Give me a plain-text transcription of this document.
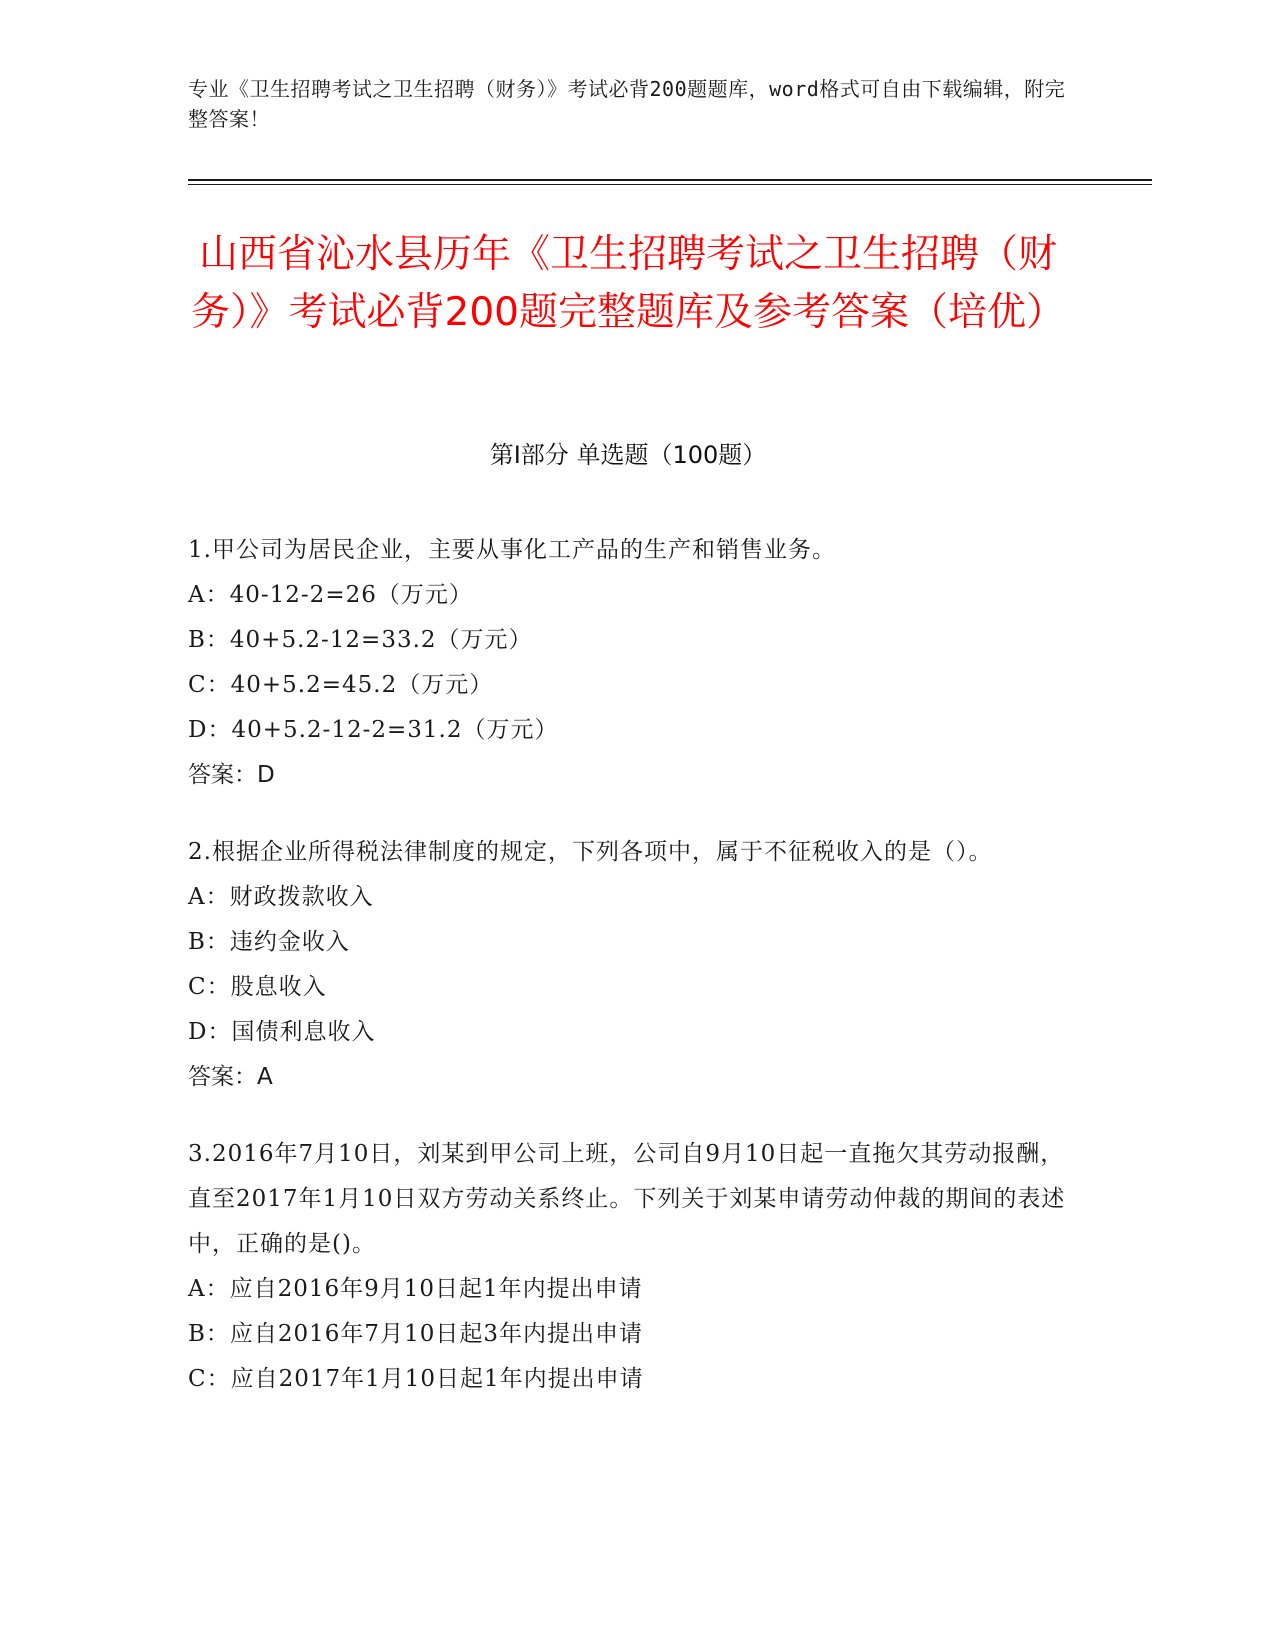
专业《卫生招聘考试之卫生招聘（财务）》考试必背200题题库，word格式可自由下载编辑，附完整答案！
山西省沁水县历年《卫生招聘考试之卫生招聘（财务）》考试必背200题完整题库及参考答案（培优）
第Ⅰ部分 单选题（100题）
1.甲公司为居民企业，主要从事化工产品的生产和销售业务。
A：40-12-2=26（万元）
B：40+5.2-12=33.2（万元）
C：40+5.2=45.2（万元）
D：40+5.2-12-2=31.2（万元）
答案：D
2.根据企业所得税法律制度的规定，下列各项中，属于不征税收入的是（）。
A：财政拨款收入
B：违约金收入
C：股息收入
D：国债利息收入
答案：A
3.2016年7月10日，刘某到甲公司上班，公司自9月10日起一直拖欠其劳动报酬，直至2017年1月10日双方劳动关系终止。下列关于刘某申请劳动仲裁的期间的表述中，正确的是()。
A：应自2016年9月10日起1年内提出申请
B：应自2016年7月10日起3年内提出申请
C：应自2017年1月10日起1年内提出申请
